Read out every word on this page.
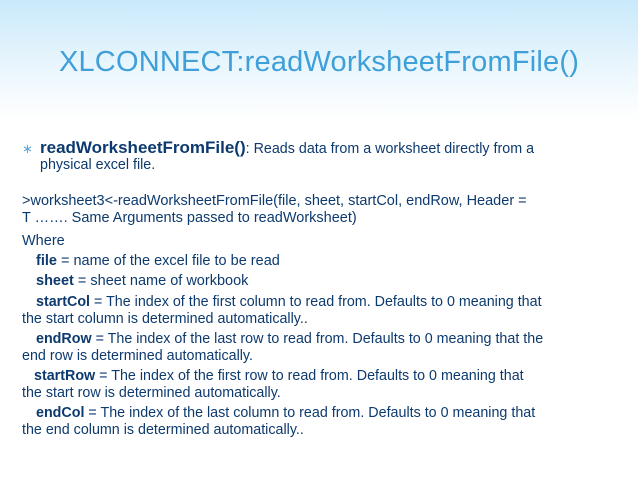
XLCONNECT:readWorksheetFromFile()
∗ readWorksheetFromFile(): Reads data from a worksheet directly from a
physical excel file.
>worksheet3<-readWorksheetFromFile(file, sheet, startCol, endRow, Header =
T ……. Same Arguments passed to readWorksheet)
Where
file = name of the excel file to be read
sheet = sheet name of workbook
startCol = The index of the first column to read from. Defaults to 0 meaning that
the start column is determined automatically..
endRow = The index of the last row to read from. Defaults to 0 meaning that the
end row is determined automatically.
startRow = The index of the first row to read from. Defaults to 0 meaning that
the start row is determined automatically.
endCol = The index of the last column to read from. Defaults to 0 meaning that
the end column is determined automatically..
